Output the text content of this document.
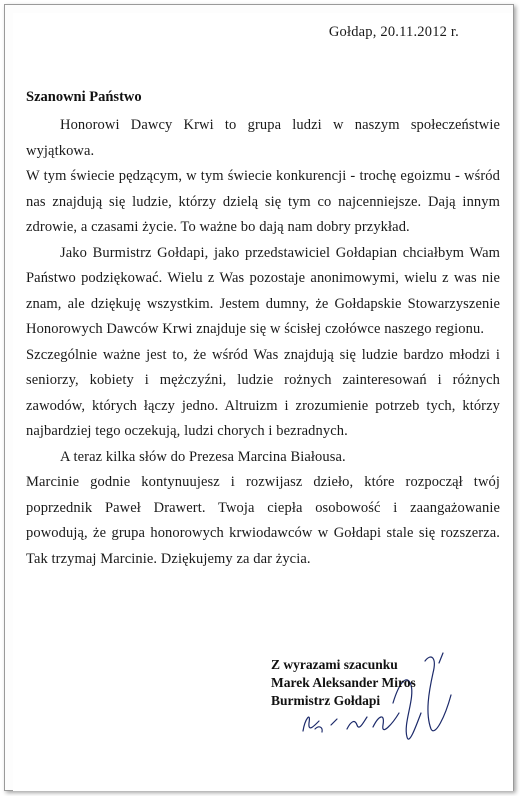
Gołdap, 20.11.2012 r.
Szanowni Państwo

Honorowi Dawcy Krwi to grupa ludzi w naszym społeczeństwie wyjątkowa.

W tym świecie pędzącym, w tym świecie konkurencji - trochę egoizmu - wśród nas znajdują się ludzie, którzy dzielą się tym co najcenniejsze. Dają innym zdrowie, a czasami życie. To ważne bo dają nam dobry przykład.

Jako Burmistrz Gołdapi, jako przedstawiciel Gołdapian chciałbym Wam Państwo podziękować. Wielu z Was pozostaje anonimowymi, wielu z was nie znam, ale dziękuję wszystkim. Jestem dumny, że Gołdapskie Stowarzyszenie Honorowych Dawców Krwi znajduje się w ścisłej czołówce naszego regionu.

Szczególnie ważne jest to, że wśród Was znajdują się ludzie bardzo młodzi i seniorzy, kobiety i mężczyźni, ludzie rożnych zainteresowań i różnych zawodów, których łączy jedno. Altruizm i zrozumienie potrzeb tych, którzy najbardziej tego oczekują, ludzi chorych i bezradnych.

A teraz kilka słów do Prezesa Marcina Białousa.

Marcinie godnie kontynuujesz i rozwijasz dzieło, które rozpoczął twój poprzednik Paweł Drawert. Twoja ciepła osobowość i zaangażowanie powodują, że grupa honorowych krwiodawców w Gołdapi stale się rozszerza. Tak trzymaj Marcinie. Dziękujemy za dar życia.

Z wyrazami szacunku
Marek Aleksander Miros
Burmistrz Gołdapi
